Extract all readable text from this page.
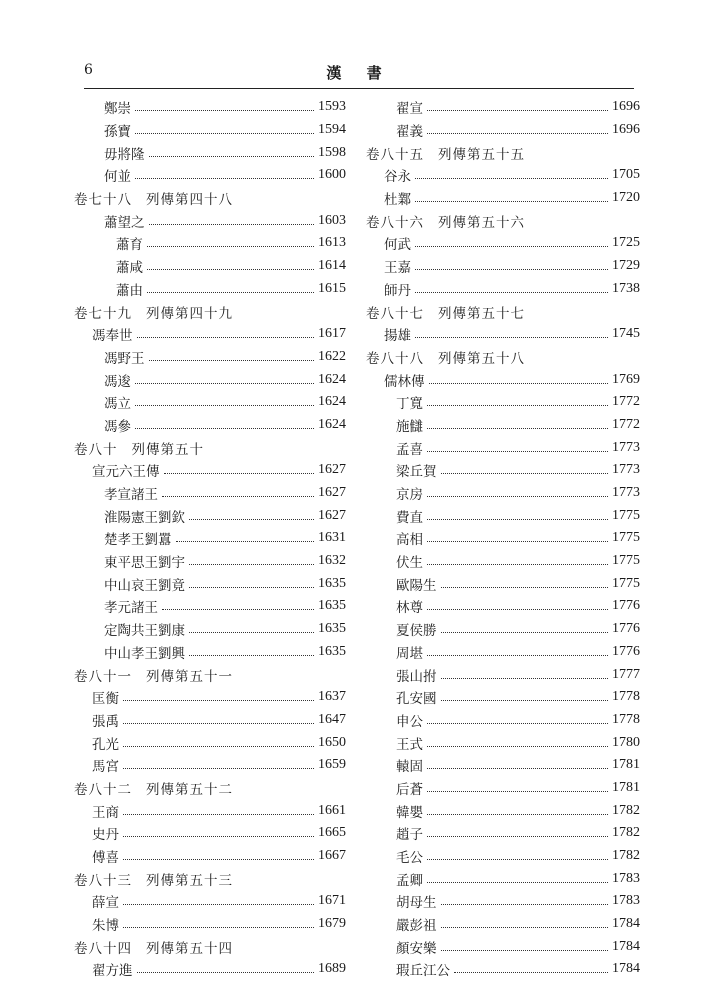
6	漢 書
鄭崇	1593
孫寶	1594
毋將隆	1598
何並	1600
卷七十八 列傳第四十八
蕭望之	1603
蕭育	1613
蕭咸	1614
蕭由	1615
卷七十九 列傳第四十九
馮奉世	1617
馮野王	1622
馮逡	1624
馮立	1624
馮參	1624
卷八十 列傳第五十
宣元六王傳	1627
孝宣諸王	1627
淮陽憲王劉欽	1627
楚孝王劉囂	1631
東平思王劉宇	1632
中山哀王劉竟	1635
孝元諸王	1635
定陶共王劉康	1635
中山孝王劉興	1635
卷八十一 列傳第五十一
匡衡	1637
張禹	1647
孔光	1650
馬宮	1659
卷八十二 列傳第五十二
王商	1661
史丹	1665
傅喜	1667
卷八十三 列傳第五十三
薛宣	1671
朱博	1679
卷八十四 列傳第五十四
翟方進	1689
翟宣	1696
翟義	1696
卷八十五 列傳第五十五
谷永	1705
杜鄴	1720
卷八十六 列傳第五十六
何武	1725
王嘉	1729
師丹	1738
卷八十七 列傳第五十七
揚雄	1745
卷八十八 列傳第五十八
儒林傳	1769
丁寬	1772
施讎	1772
孟喜	1773
梁丘賀	1773
京房	1773
費直	1775
高相	1775
伏生	1775
歐陽生	1775
林尊	1776
夏侯勝	1776
周堪	1776
張山拊	1777
孔安國	1778
申公	1778
王式	1780
轅固	1781
后蒼	1781
韓嬰	1782
趙子	1782
毛公	1782
孟卿	1783
胡母生	1783
嚴彭祖	1784
顏安樂	1784
瑕丘江公	1784
